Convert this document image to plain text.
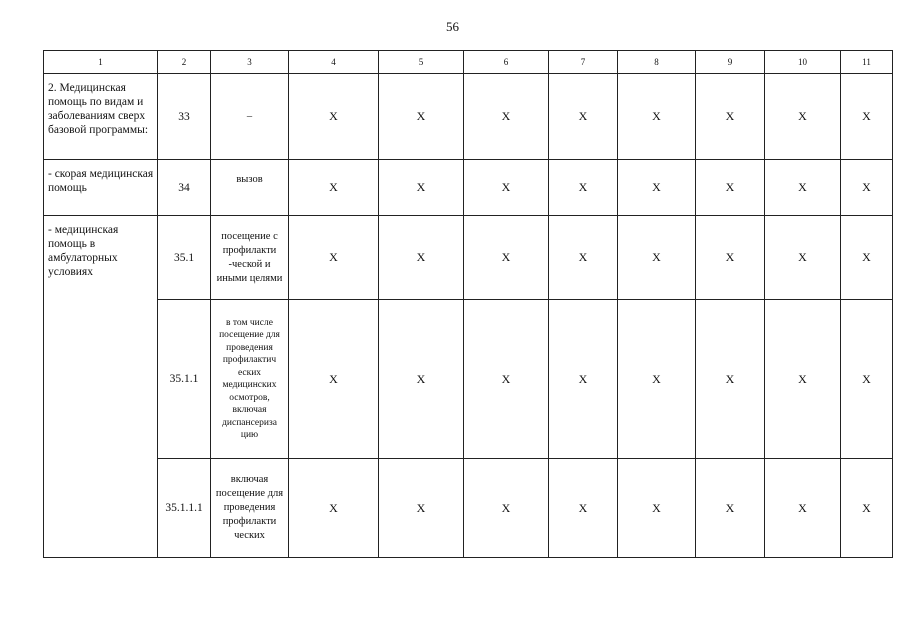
56
1	2	3	4	5	6	7	8	9	10	11
2. Медицинская помощь по видам и заболеваниям сверх базовой программы:	33	–	X	X	X	X	X	X	X	X
- скорая медицинская помощь	34	вызов	X	X	X	X	X	X	X	X
- медицинская помощь в амбулаторных условиях	35.1	посещение с профилакти -ческой и иными целями	X	X	X	X	X	X	X	X
	35.1.1	в том числе посещение для проведения профилактич еских медицинских осмотров, включая диспансериза цию	X	X	X	X	X	X	X	X
	35.1.1.1	включая посещение для проведения профилакти ческих	X	X	X	X	X	X	X	X
